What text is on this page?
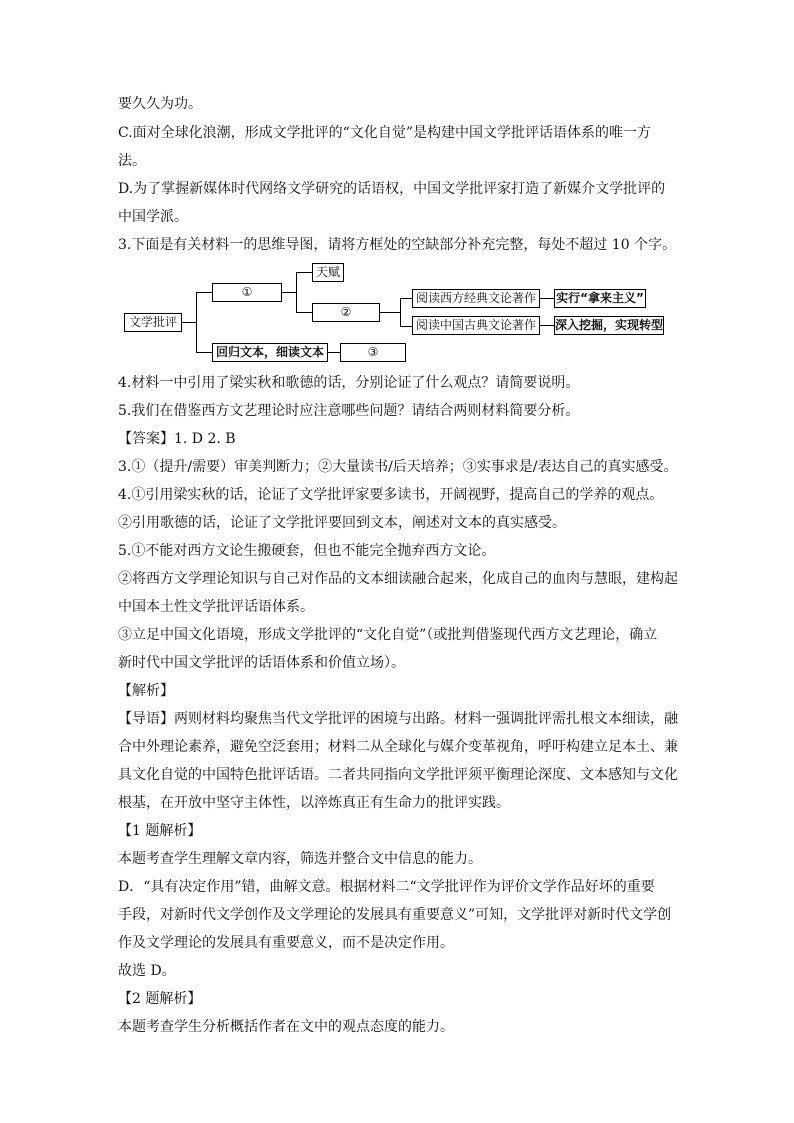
要久久为功。
C.面对全球化浪潮，形成文学批评的“文化自觉”是构建中国文学批评话语体系的唯一方
法。
D.为了掌握新媒体时代网络文学研究的话语权，中国文学批评家打造了新媒介文学批评的
中国学派。
3.下面是有关材料一的思维导图，请将方框处的空缺部分补充完整，每处不超过 10 个字。
文学批评
①
天赋
②
阅读西方经典文论著作
阅读中国古典文论著作
实行“拿来主义”
深入挖掘，实现转型
回归文本，细读文本	③
4.材料一中引用了梁实秋和歌德的话，分别论证了什么观点？请简要说明。
5.我们在借鉴西方文艺理论时应注意哪些问题？请结合两则材料简要分析。
【答案】1. D 2. B
3.①（提升/需要）审美判断力；②大量读书/后天培养；③实事求是/表达自己的真实感受。
4.①引用梁实秋的话，论证了文学批评家要多读书，开阔视野，提高自己的学养的观点。
②引用歌德的话，论证了文学批评要回到文本，阐述对文本的真实感受。
5.①不能对西方文论生搬硬套，但也不能完全抛弃西方文论。
②将西方文学理论知识与自己对作品的文本细读融合起来，化成自己的血肉与慧眼，建构起
中国本土性文学批评话语体系。
③立足中国文化语境，形成文学批评的“文化自觉”（或批判借鉴现代西方文艺理论，确立
新时代中国文学批评的话语体系和价值立场）。
【解析】
【导语】两则材料均聚焦当代文学批评的困境与出路。材料一强调批评需扎根文本细读，融
合中外理论素养，避免空泛套用；材料二从全球化与媒介变革视角，呼吁构建立足本土、兼
具文化自觉的中国特色批评话语。二者共同指向文学批评须平衡理论深度、文本感知与文化
根基，在开放中坚守主体性，以淬炼真正有生命力的批评实践。
【1 题解析】
本题考查学生理解文章内容，筛选并整合文中信息的能力。
D．“具有决定作用”错，曲解文意。根据材料二“文学批评作为评价文学作品好坏的重要
手段，对新时代文学创作及文学理论的发展具有重要意义”可知，文学批评对新时代文学创
作及文学理论的发展具有重要意义，而不是决定作用。
故选 D。
【2 题解析】
本题考查学生分析概括作者在文中的观点态度的能力。
